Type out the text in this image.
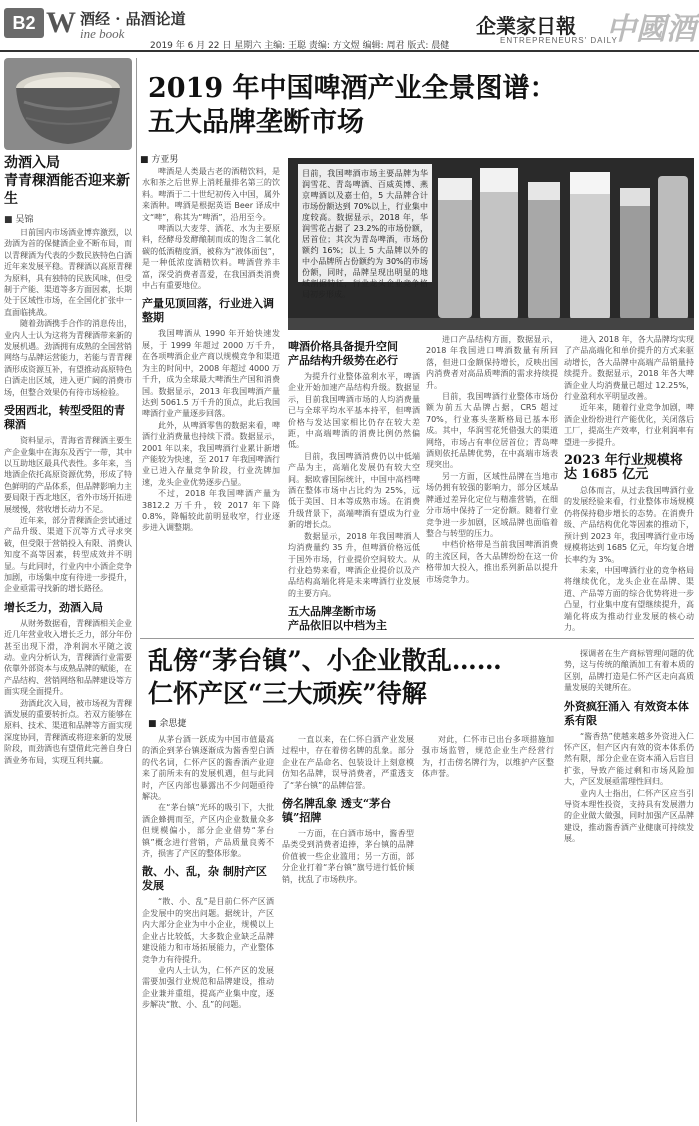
B2 W 酒经 · 品酒论道
ine book
2019 年 6 月 22 日 星期六 主编: 王聪 责编: 方文煜 编辑: 周君 版式: 晨健
企業家日報
ENTREPRENEURS' DAILY
中國酒
劲酒入局
青青稞酒能否迎来新生
■ 吴锦

日前国内市场酒业博弈激烈，以劲酒为首的保健酒企业不断布局，而以青稞酒为代表的少数民族特色白酒近年来发展平稳。青稞酒以高原青稞为原料，具有独特的民族风味，但受制于产能、渠道等多方面因素，长期处于区域性市场，在全国化扩张中一直面临挑战。

随着劲酒携手合作的消息传出，业内人士认为这将为青稞酒带来新的发展机遇。劲酒拥有成熟的全国营销网络与品牌运营能力，若能与青青稞酒形成资源互补，有望推动高原特色白酒走出区域，进入更广阔的消费市场，但整合效果仍有待市场检验。

受困西北，转型受阻的青稞酒

资料显示，青海省青稞酒主要生产企业集中在海东及西宁一带，其中以互助地区最具代表性。多年来，当地酒企依托高原资源优势，形成了特色鲜明的产品体系，但品牌影响力主要局限于西北地区，省外市场开拓进展缓慢，营收增长动力不足。

近年来，部分青稞酒企尝试通过产品升级、渠道下沉等方式寻求突破，但受限于营销投入有限、消费认知度不高等因素，转型成效并不明显。与此同时，行业内中小酒企竞争加剧，市场集中度有待进一步提升，企业亟需寻找新的增长路径。

增长乏力，劲酒入局

从财务数据看，青稞酒相关企业近几年营业收入增长乏力，部分年份甚至出现下滑，净利润水平随之波动。业内分析认为，青稞酒行业需要依靠外部资本与成熟品牌的赋能，在产品结构、营销网络和品牌建设等方面实现全面提升。

劲酒此次入局，被市场视为青稞酒发展的重要转折点。若双方能够在原料、技术、渠道和品牌等方面实现深度协同，青稞酒或将迎来新的发展阶段，而劲酒也有望借此完善自身白酒业务布局，实现互利共赢。

2019 年中国啤酒产业全景图谱：
五大品牌垄断市场
■ 方亚男
目前，我国啤酒市场主要品牌为华润雪花、青岛啤酒、百威英博、燕京啤酒以及嘉士伯，5 大品牌合计市场份额达到 70%以上，行业集中度较高。数据显示，2018 年，华润雪花占据了 23.2%的市场份额，居首位；其次为青岛啤酒，市场份额约 16%；以上 5 大品牌以外的中小品牌所占份额约为 30%的市场份额，同时，品牌呈现出明显的地域割据特征，行业龙头企业竞争格局初步形成。

啤酒是人类最古老的酒精饮料，是水和茶之后世界上消耗量排名第三的饮料。啤酒于二十世纪初传入中国，属外来酒种。啤酒是根据英语 Beer 译成中文“啤”，称其为“啤酒”，沿用至今。

啤酒以大麦芽、酒花、水为主要原料，经酵母发酵酿制而成的饱含二氧化碳的低酒精度酒，被称为“液体面包”，是一种低浓度酒精饮料。啤酒营养丰富，深受消费者喜爱，在我国酒类消费中占有重要地位。

产量见顶回落，行业进入调整期

我国啤酒从 1990 年开始快速发展，于 1999 年超过 2000 万千升，在各项啤酒企业产商以规模竞争和渠道为主的时间中，2008 年超过 4000 万千升，成为全球最大啤酒生产国和消费国。数据显示，2013 年我国啤酒产量达到 5061.5 万千升的顶点，此后我国啤酒行业产量逐步回落。

此外，从啤酒零售的数据来看，啤酒行业消费量也持续下滑。数据显示，2001 年以来，我国啤酒行业累计新增产能较为快速，至 2017 年我国啤酒行业已进入存量竞争阶段，行业洗牌加速，龙头企业优势逐步凸显。

不过，2018 年我国啤酒产量为 3812.2 万千升，较 2017 年下降 0.8%，降幅较此前明显收窄，行业逐步进入调整期。

啤酒价格具备提升空间
产品结构升级势在必行

为提升行业整体盈利水平，啤酒企业开始加速产品结构升级。数据显示，目前我国啤酒市场的人均消费量已与全球平均水平基本持平，但啤酒价格与发达国家相比仍存在较大差距，中高端啤酒的消费比例仍然偏低。

目前，我国啤酒消费仍以中低端产品为主，高端化发展仍有较大空间。据欧睿国际统计，中国中高档啤酒在整体市场中占比约为 25%，远低于美国、日本等成熟市场。在消费升级背景下，高端啤酒有望成为行业新的增长点。

数据显示，2018 年我国啤酒人均消费量约 35 升，但啤酒价格远低于国外市场，行业提价空间较大。从行业趋势来看，啤酒企业提价以及产品结构高端化将是未来啤酒行业发展的主要方向。

五大品牌垄断市场
产品依旧以中档为主

进口产品结构方面，数据显示，2018 年我国进口啤酒数量有所回落，但进口金额保持增长，反映出国内消费者对高品质啤酒的需求持续提升。

目前，我国啤酒行业整体市场份额为前五大品牌占据，CR5 超过 70%，行业寡头垄断格局已基本形成。其中，华润雪花凭借强大的渠道网络，市场占有率位居首位；青岛啤酒则依托品牌优势，在中高端市场表现突出。

另一方面，区域性品牌在当地市场仍拥有较强的影响力，部分区域品牌通过差异化定位与精准营销，在细分市场中保持了一定份额。随着行业竞争进一步加剧，区域品牌也面临着整合与转型的压力。

中档价格带是当前我国啤酒消费的主流区间，各大品牌纷纷在这一价格带加大投入，推出系列新品以提升市场竞争力。

进入 2018 年，各大品牌均实现了产品高端化和单价提升的方式来驱动增长，各大品牌中高端产品销量持续提升。数据显示，2018 年各大啤酒企业人均消费量已超过 12.25%，行业盈利水平明显改善。

近年来，随着行业竞争加剧，啤酒企业纷纷进行产能优化，关闭落后工厂，提高生产效率，行业利润率有望进一步提升。

2023 年行业规模将达 1685 亿元

总体而言，从过去我国啤酒行业的发展经验来看，行业整体市场规模仍将保持稳步增长的态势。在消费升级、产品结构优化等因素的推动下，预计到 2023 年，我国啤酒行业市场规模将达到 1685 亿元，年均复合增长率约为 3%。

未来，中国啤酒行业的竞争格局将继续优化，龙头企业在品牌、渠道、产品等方面的综合优势将进一步凸显，行业集中度有望继续提升，高端化将成为推动行业发展的核心动力。

乱傍“茅台镇”、小企业散乱……
仁怀产区“三大顽疾”待解
■ 余思捷

从茅台酒一跃成为中国市值最高的酒企到茅台镇逐渐成为酱香型白酒的代名词，仁怀产区的酱香酒产业迎来了前所未有的发展机遇，但与此同时，产区内部也暴露出不少问题亟待解决。

在“茅台镇”光环的吸引下，大批酒企蜂拥而至，产区内企业数量众多但规模偏小，部分企业借势“茅台镇”概念进行营销，产品质量良莠不齐，损害了产区的整体形象。

散、小、乱，杂 制肘产区发展

“散、小、乱”是目前仁怀产区酒企发展中的突出问题。据统计，产区内大部分企业为中小企业，规模以上企业占比较低，大多数企业缺乏品牌建设能力和市场拓展能力，产业整体竞争力有待提升。

业内人士认为，仁怀产区的发展需要加强行业规范和品牌建设，推动企业兼并重组，提高产业集中度，逐步解决“散、小、乱”的问题。

一直以来，在仁怀白酒产业发展过程中，存在着傍名牌的乱象。部分企业在产品命名、包装设计上刻意模仿知名品牌，误导消费者，严重透支了“茅台镇”的品牌信誉。

傍名牌乱象 透支“茅台镇”招牌

一方面，在白酒市场中，酱香型品类受到消费者追捧，茅台镇的品牌价值被一些企业滥用；另一方面，部分企业打着“茅台镇”旗号进行低价倾销，扰乱了市场秩序。

对此，仁怀市已出台多项措施加强市场监管，规范企业生产经营行为，打击傍名牌行为，以维护产区整体声誉。

探调者在生产商标管理问题的优势，这与传统的酿酒加工有着本质的区别，品牌打造是仁怀产区走向高质量发展的关键所在。

外资疯狂涌入 有效资本体系有限

“酱香热”使越来越多外资进入仁怀产区，但产区内有效的资本体系仍然有限，部分企业在资本涌入后盲目扩张，导致产能过剩和市场风险加大，产区发展亟需理性回归。

业内人士指出，仁怀产区应当引导资本理性投资，支持具有发展潜力的企业做大做强，同时加强产区品牌建设，推动酱香酒产业健康可持续发展。
